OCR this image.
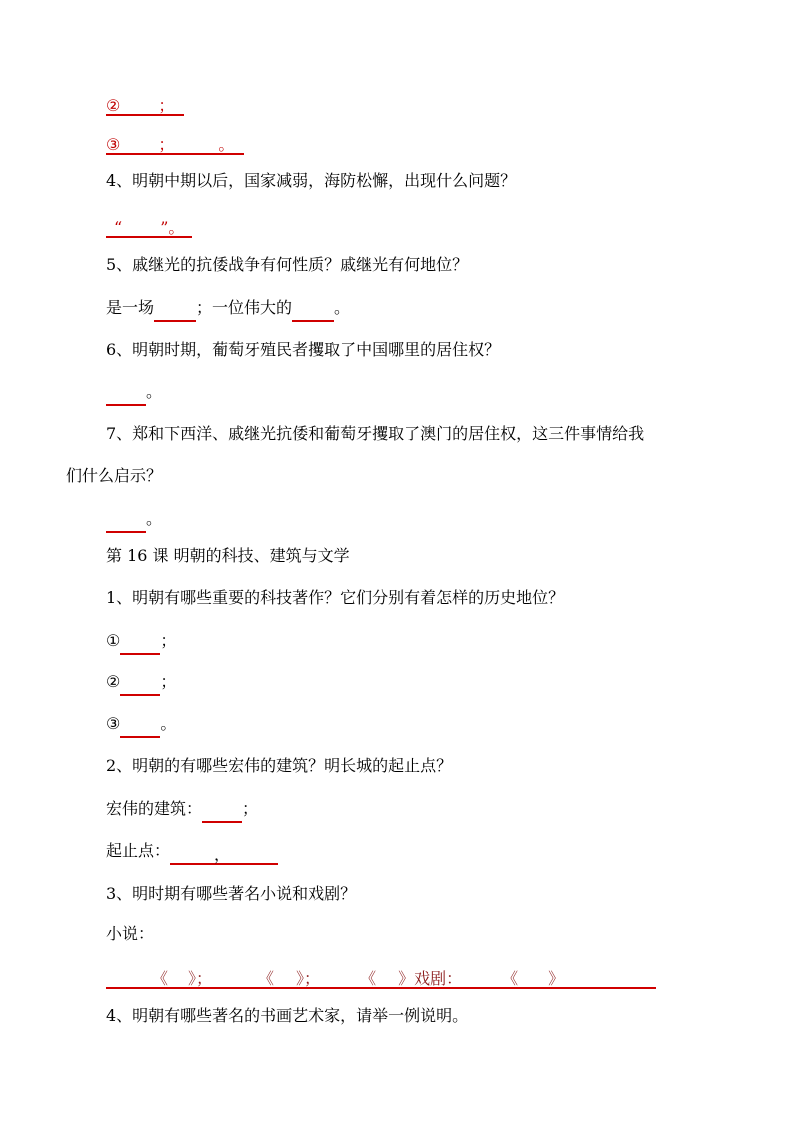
② ；
③ ；	。
4、明朝中期以后，国家减弱，海防松懈，出现什么问题？
“ ”。
5、戚继光的抗倭战争有何性质？戚继光有何地位？
是一场	；一位伟大的	。
6、明朝时期，葡萄牙殖民者攫取了中国哪里的居住权？
。
7、郑和下西洋、戚继光抗倭和葡萄牙攫取了澳门的居住权，这三件事情给我
们什么启示？
。
第 16 课 明朝的科技、建筑与文学
1、明朝有哪些重要的科技著作？它们分别有着怎样的历史地位？
①	；
②	；
③	。
2、明朝的有哪些宏伟的建筑？明长城的起止点？
宏伟的建筑：	；
起止点：	，
3、明时期有哪些著名小说和戏剧？
小说：
《 》；	《 》；	《 》戏剧：	《 》
4、明朝有哪些著名的书画艺术家，请举一例说明。
